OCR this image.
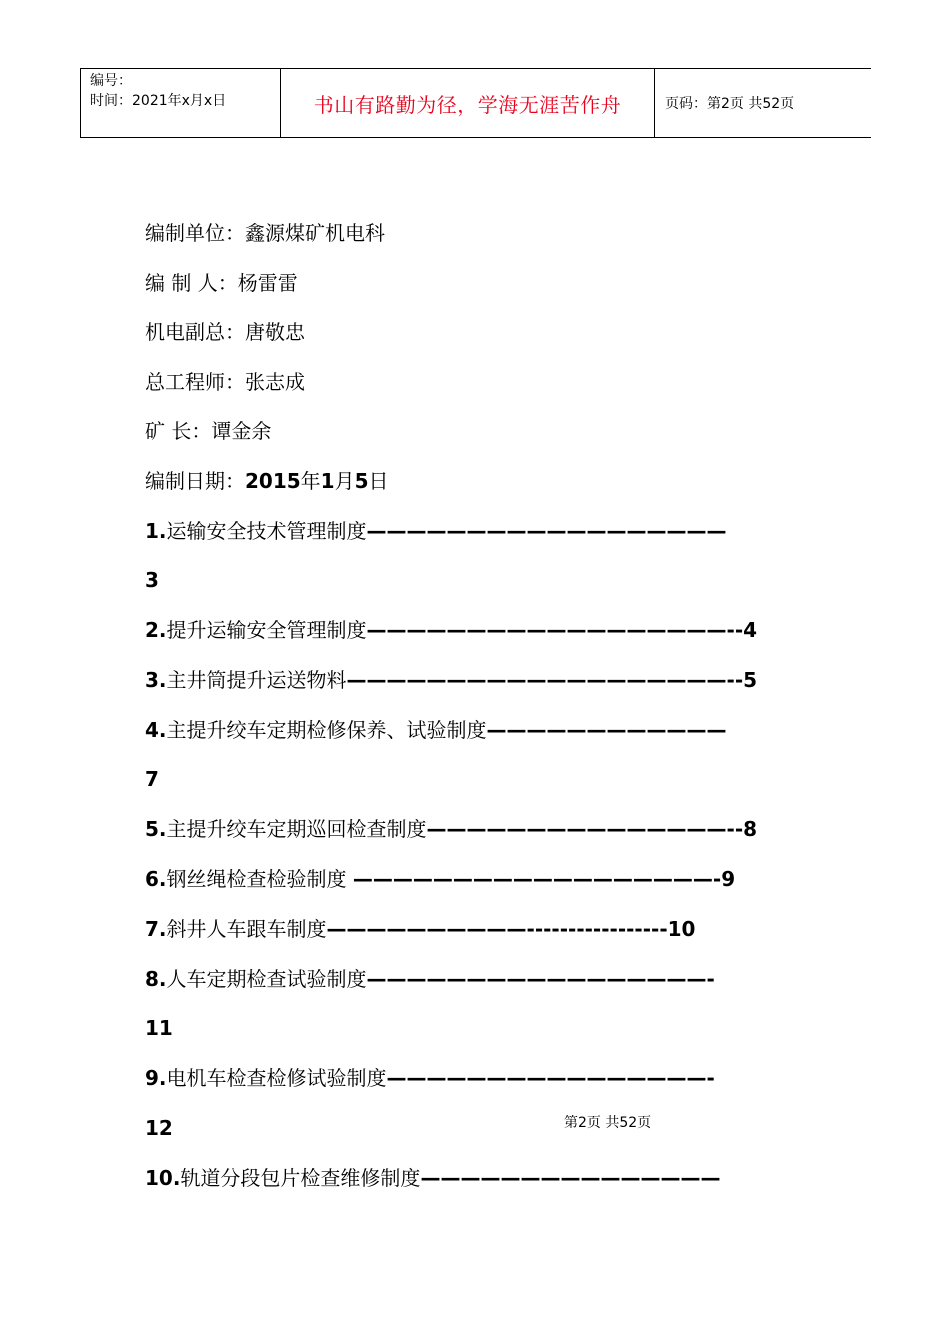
编号：
时间：2021年x月x日	书山有路勤为径，学海无涯苦作舟	页码：第2页 共52页
编制单位：鑫源煤矿机电科
编 制 人：杨雷雷
机电副总：唐敬忠
总工程师：张志成
矿 长：谭金余
编制日期：2015年1月5日
1.运输安全技术管理制度——————————————————
3
2.提升运输安全管理制度——————————————————--4
3.主井筒提升运送物料———————————————————--5
4.主提升绞车定期检修保养、试验制度————————————
7
5.主提升绞车定期巡回检查制度———————————————--8
6.钢丝绳检查检验制度 ——————————————————-9
7.斜井人车跟车制度——————————-----------------10
8.人车定期检查试验制度—————————————————-
11
9.电机车检查检修试验制度————————————————-
12
10.轨道分段包片检查维修制度———————————————
第2页 共52页
